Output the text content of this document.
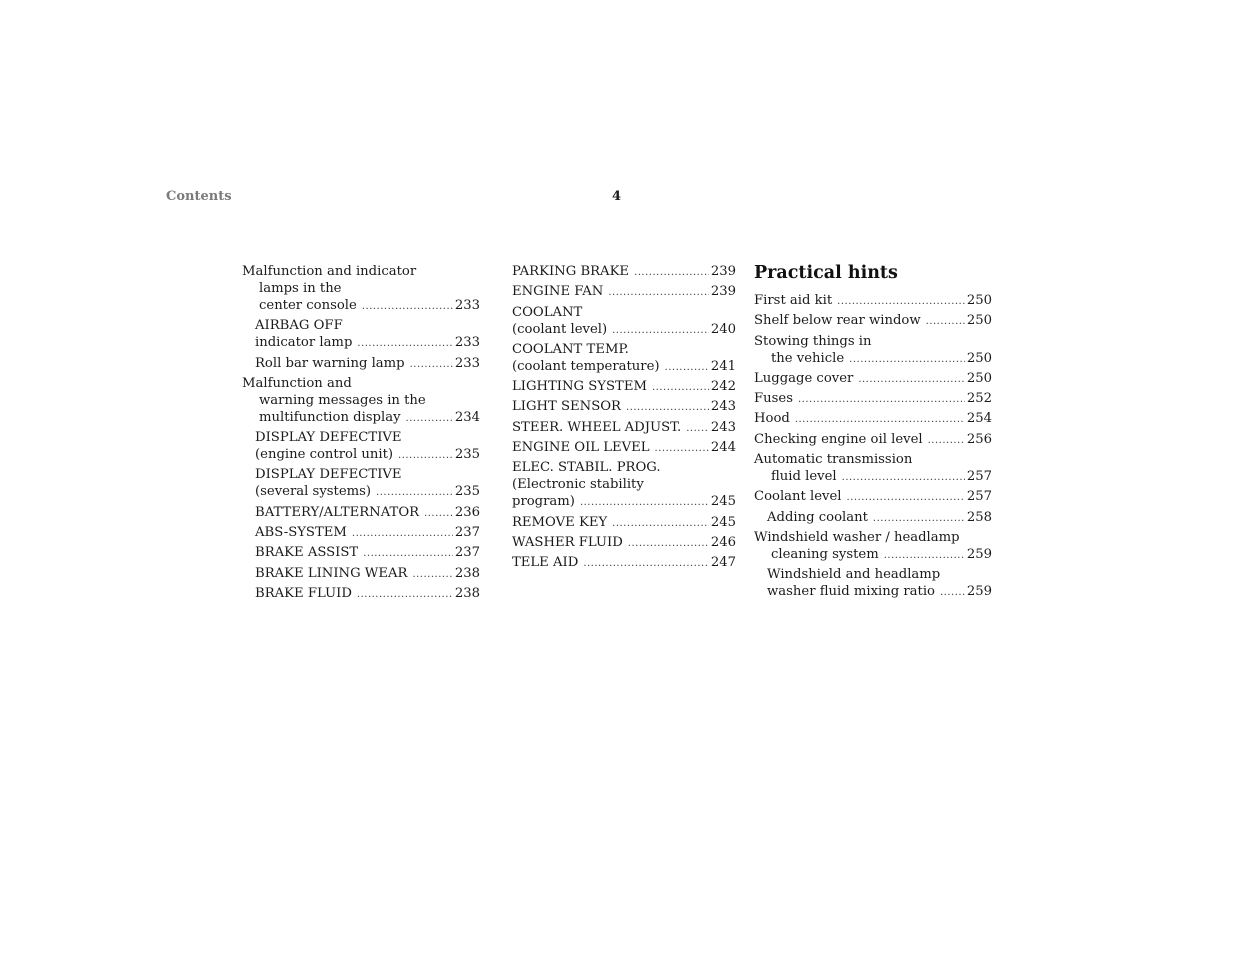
Contents	4
Malfunction and indicator
lamps in the
center console .....	233
AIRBAG OFF
indicator lamp .....	233
Roll bar warning lamp .....	233
Malfunction and
warning messages in the
multifunction display .....	234
DISPLAY DEFECTIVE
(engine control unit) .....	235
DISPLAY DEFECTIVE
(several systems) .....	235
BATTERY/ALTERNATOR .....	236
ABS-SYSTEM .....	237
BRAKE ASSIST .....	237
BRAKE LINING WEAR .....	238
BRAKE FLUID .....	238
PARKING BRAKE .....	239
ENGINE FAN .....	239
COOLANT
(coolant level) .....	240
COOLANT TEMP.
(coolant temperature) .....	241
LIGHTING SYSTEM .....	242
LIGHT SENSOR .....	243
STEER. WHEEL ADJUST. ..... 243
ENGINE OIL LEVEL .....	244
ELEC. STABIL. PROG.
(Electronic stability
program) .....	245
REMOVE KEY .....	245
WASHER FLUID .....	246
TELE AID .....	247
Practical hints
First aid kit .....	250
Shelf below rear window .....	250
Stowing things in
the vehicle .....	250
Luggage cover .....	250
Fuses .....	252
Hood .....	254
Checking engine oil level .....	256
Automatic transmission
fluid level .....	257
Coolant level .....	257
Adding coolant .....	258
Windshield washer / headlamp
cleaning system .....	259
Windshield and headlamp
washer fluid mixing ratio ..... 259
